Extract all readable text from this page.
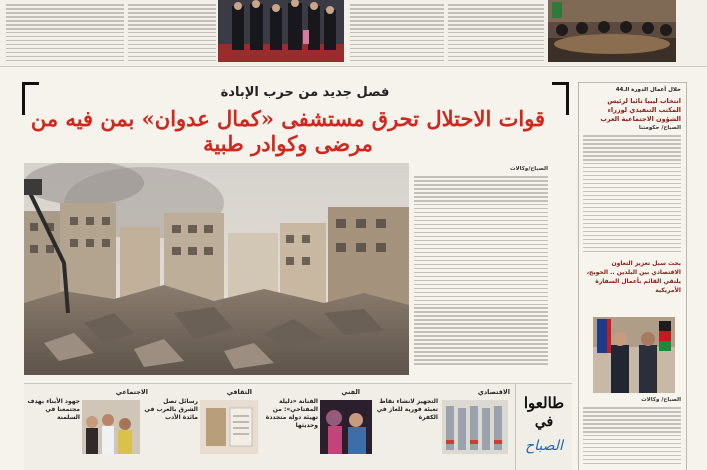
فصل جديد من حرب الإبادة
قوات الاحتلال تحرق مستشفى «كمال عدوان» بمن فيه من مرضى وكوادر طبية
الصباح/وكالات
خلال أعمال الدورة الـ44
انتخاب ليبيا نائبا لرئيس المكتب التنفيذي لوزراء الشؤون الاجتماعية العرب
الصباح/ حكومتنا
بحث سبل تعزيز التعاون الاقتصادي بين البلدين .. الحويج، يلتقي القائم بأعمال السفارة الأمريكية
الصباح/ وكالات
الاقتصادي
التجهيز لانشاء نقاط تعبئة فورية للغاز في الكفرة
الفني
الفنانة «دليلة المفتاحي»: من تهيئة دولة متجددة وحديثها
الثقافي
رسائل تصل الشرق بالغرب في مائدة الأدب
الاجتماعي
جهود الأبناء بهدف مجتمعنا في السلمنة
طالعوا
في
الصباح
